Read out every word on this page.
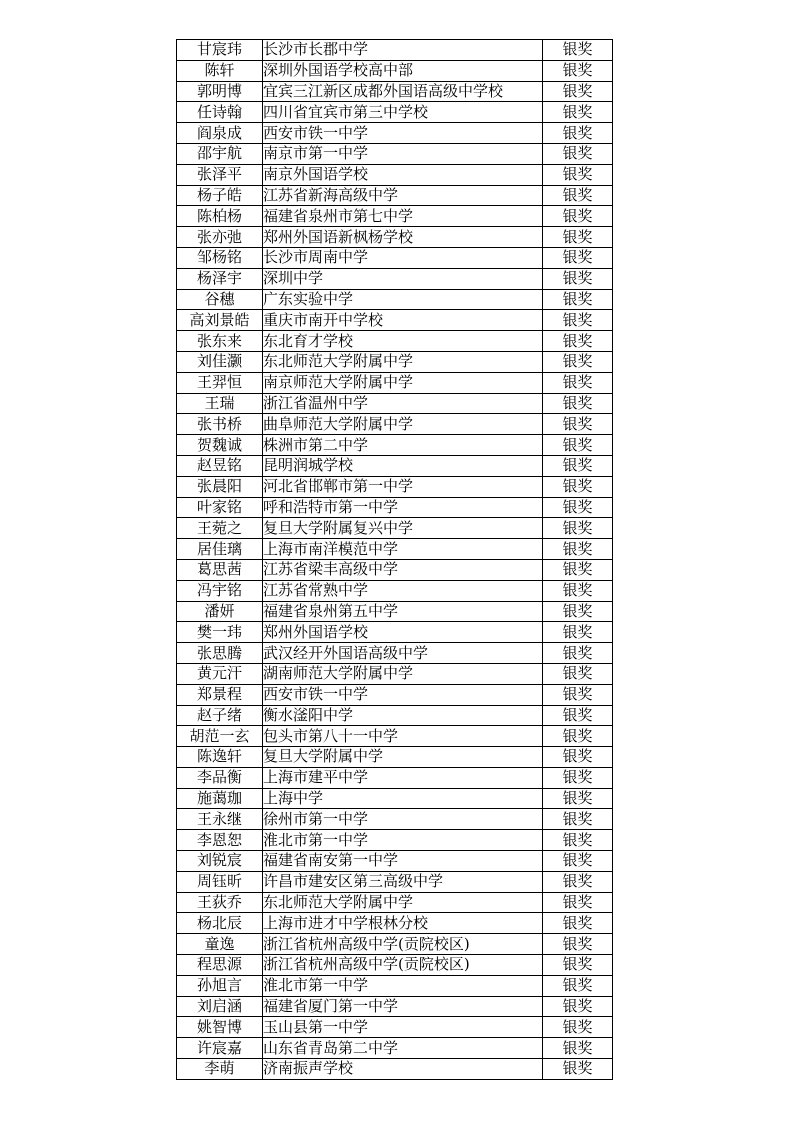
甘宸玮	长沙市长郡中学	银奖
陈轩	深圳外国语学校高中部	银奖
郭明博	宜宾三江新区成都外国语高级中学校	银奖
任诗翰	四川省宜宾市第三中学校	银奖
阎泉成	西安市铁一中学	银奖
邵宇航	南京市第一中学	银奖
张泽平	南京外国语学校	银奖
杨子皓	江苏省新海高级中学	银奖
陈柏杨	福建省泉州市第七中学	银奖
张亦弛	郑州外国语新枫杨学校	银奖
邹杨铭	长沙市周南中学	银奖
杨泽宇	深圳中学	银奖
谷穗	广东实验中学	银奖
高刘景皓	重庆市南开中学校	银奖
张东来	东北育才学校	银奖
刘佳灏	东北师范大学附属中学	银奖
王羿恒	南京师范大学附属中学	银奖
王瑞	浙江省温州中学	银奖
张书桥	曲阜师范大学附属中学	银奖
贺魏诚	株洲市第二中学	银奖
赵昱铭	昆明润城学校	银奖
张晨阳	河北省邯郸市第一中学	银奖
叶家铭	呼和浩特市第一中学	银奖
王菀之	复旦大学附属复兴中学	银奖
居佳璃	上海市南洋模范中学	银奖
葛思茜	江苏省梁丰高级中学	银奖
冯宇铭	江苏省常熟中学	银奖
潘妍	福建省泉州第五中学	银奖
樊一玮	郑州外国语学校	银奖
张思腾	武汉经开外国语高级中学	银奖
黄元汗	湖南师范大学附属中学	银奖
郑景程	西安市铁一中学	银奖
赵子绪	衡水滏阳中学	银奖
胡范一玄	包头市第八十一中学	银奖
陈逸轩	复旦大学附属中学	银奖
李品衡	上海市建平中学	银奖
施蔼珈	上海中学	银奖
王永继	徐州市第一中学	银奖
李恩恕	淮北市第一中学	银奖
刘锐宸	福建省南安第一中学	银奖
周钰昕	许昌市建安区第三高级中学	银奖
王荻乔	东北师范大学附属中学	银奖
杨北辰	上海市进才中学根林分校	银奖
童逸	浙江省杭州高级中学(贡院校区)	银奖
程思源	浙江省杭州高级中学(贡院校区)	银奖
孙旭言	淮北市第一中学	银奖
刘启涵	福建省厦门第一中学	银奖
姚智博	玉山县第一中学	银奖
许宸嘉	山东省青岛第二中学	银奖
李萌	济南振声学校	银奖
